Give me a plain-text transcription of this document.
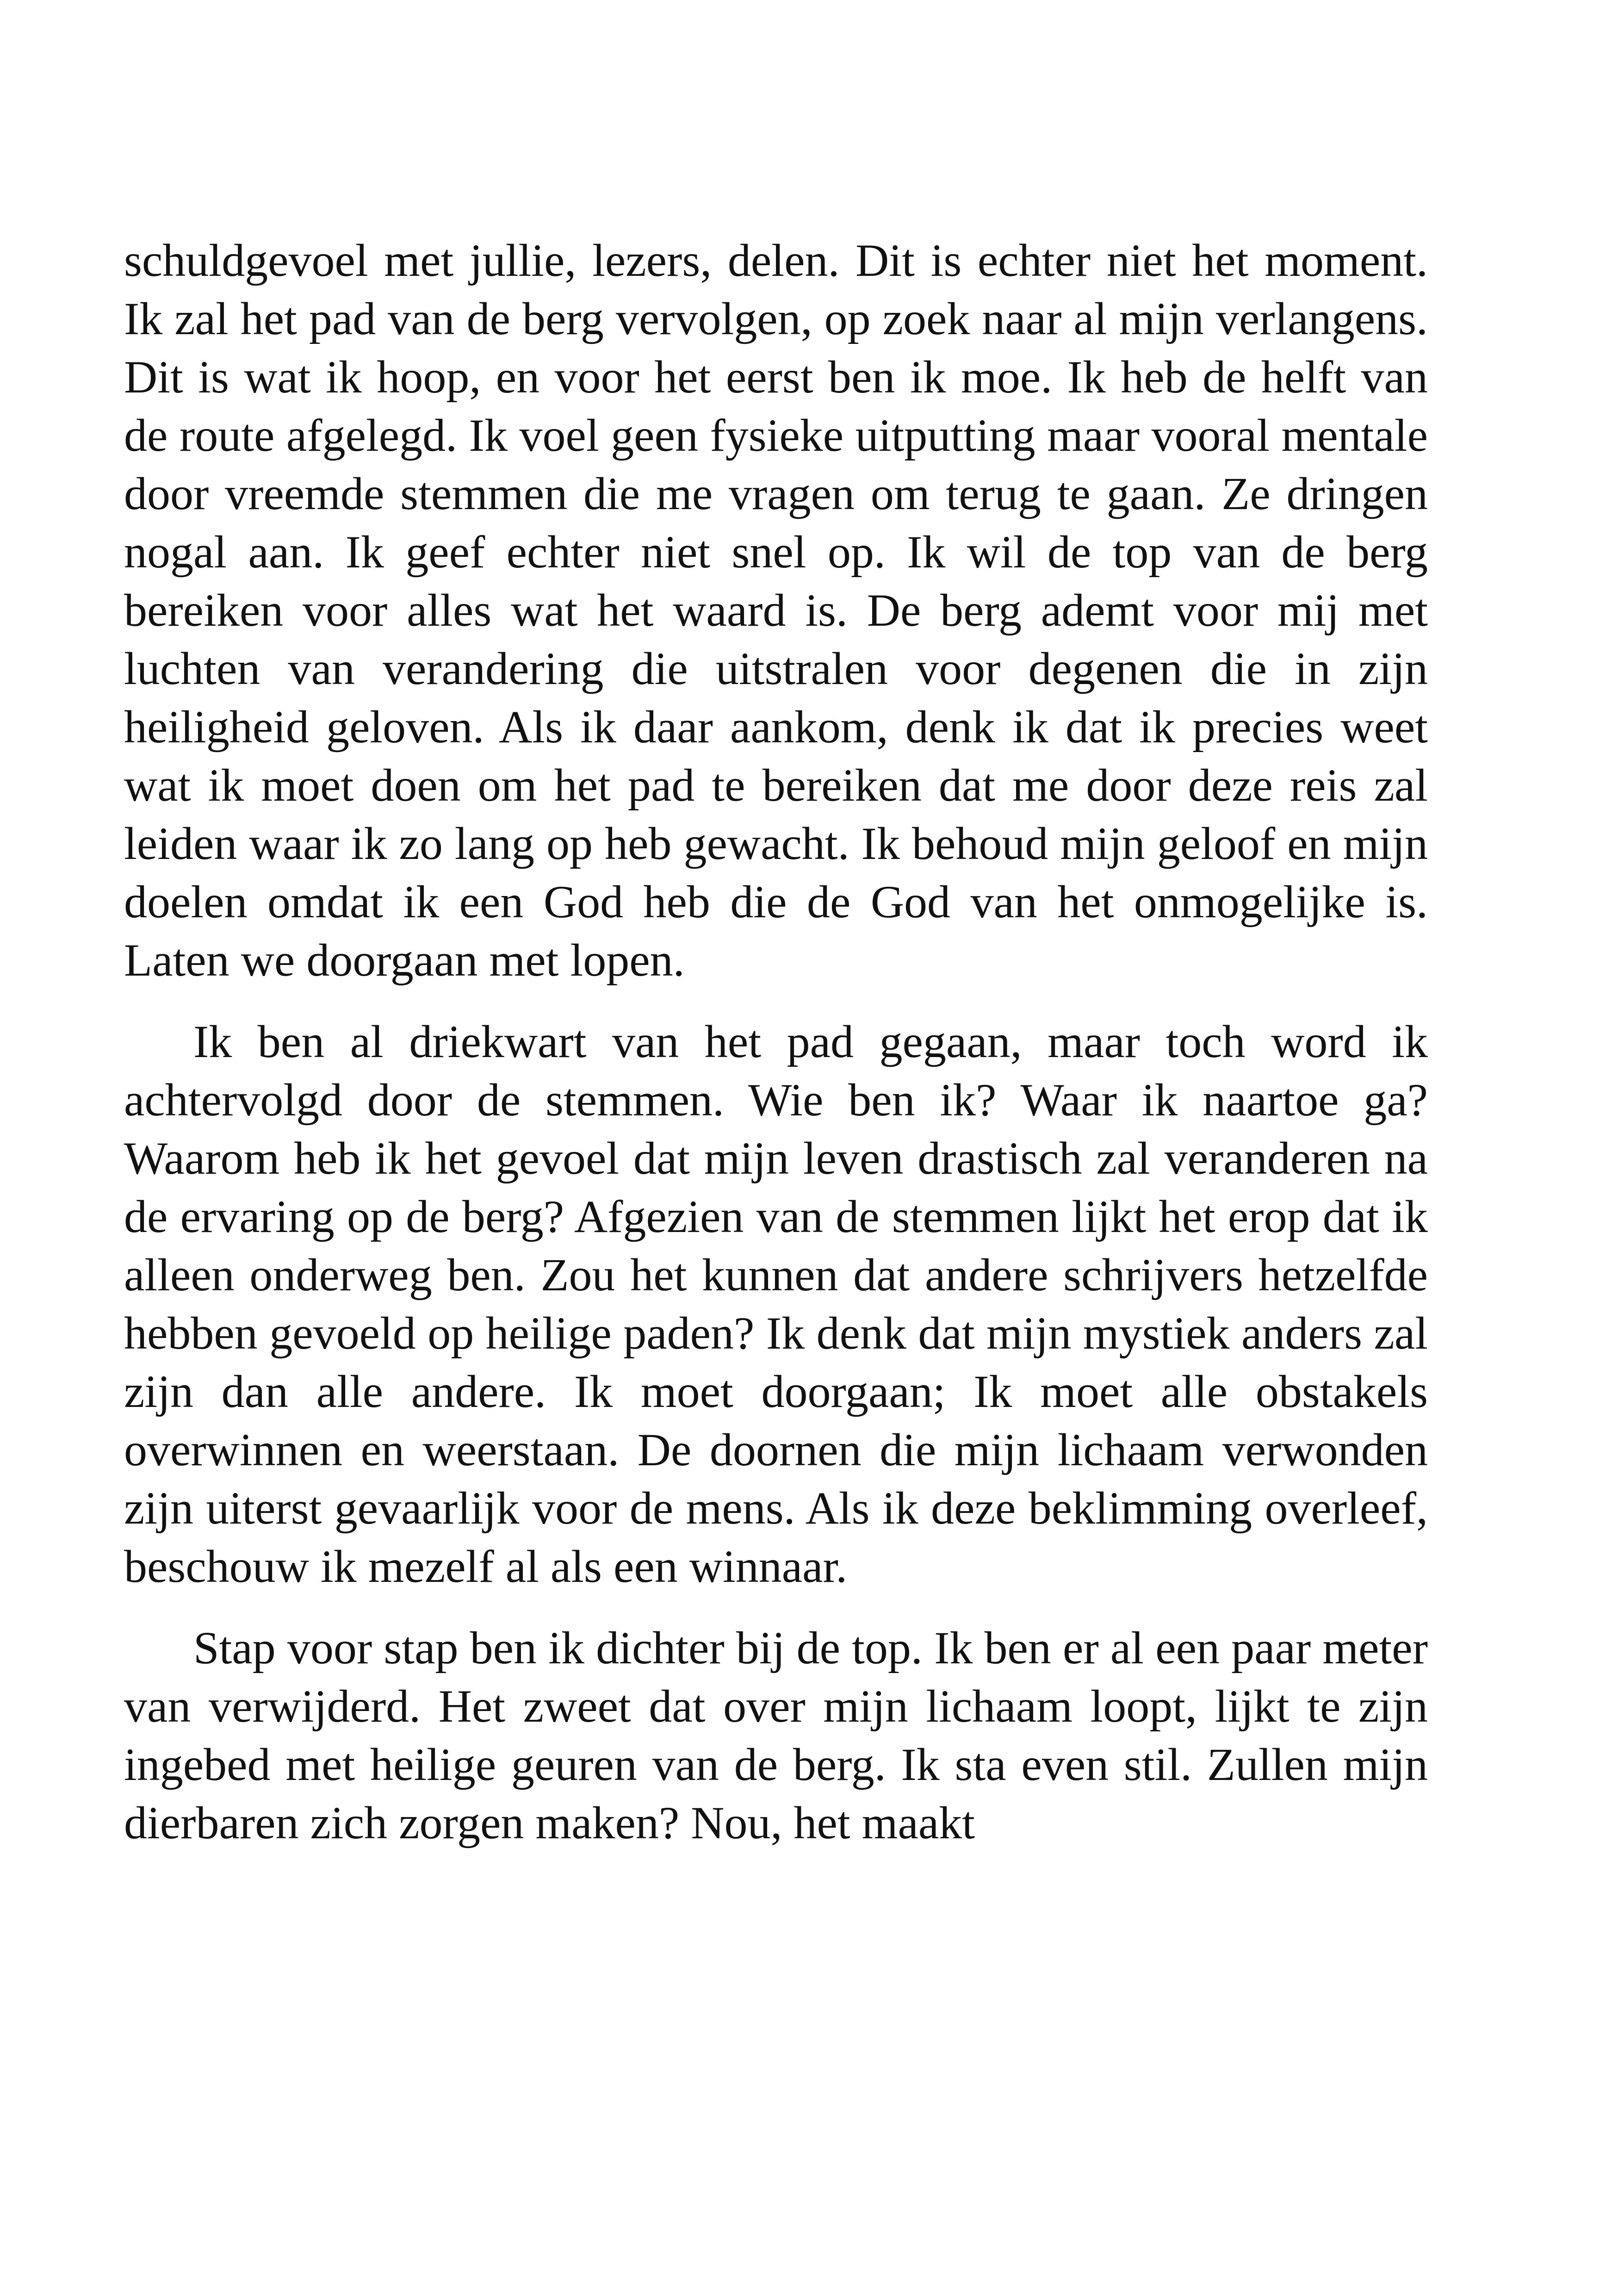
schuldgevoel met jullie, lezers, delen. Dit is echter niet het moment. Ik zal het pad van de berg vervolgen, op zoek naar al mijn verlangens. Dit is wat ik hoop, en voor het eerst ben ik moe. Ik heb de helft van de route afgelegd. Ik voel geen fysieke uitputting maar vooral mentale door vreemde stemmen die me vragen om terug te gaan. Ze dringen nogal aan. Ik geef echter niet snel op. Ik wil de top van de berg bereiken voor alles wat het waard is. De berg ademt voor mij met luchten van verandering die uitstralen voor degenen die in zijn heiligheid geloven. Als ik daar aankom, denk ik dat ik precies weet wat ik moet doen om het pad te bereiken dat me door deze reis zal leiden waar ik zo lang op heb gewacht. Ik behoud mijn geloof en mijn doelen omdat ik een God heb die de God van het onmogelijke is. Laten we doorgaan met lopen.

Ik ben al driekwart van het pad gegaan, maar toch word ik achtervolgd door de stemmen. Wie ben ik? Waar ik naartoe ga? Waarom heb ik het gevoel dat mijn leven drastisch zal veranderen na de ervaring op de berg? Afgezien van de stemmen lijkt het erop dat ik alleen onderweg ben. Zou het kunnen dat andere schrijvers hetzelfde hebben gevoeld op heilige paden? Ik denk dat mijn mystiek anders zal zijn dan alle andere. Ik moet doorgaan; Ik moet alle obstakels overwinnen en weerstaan. De doornen die mijn lichaam verwonden zijn uiterst gevaarlijk voor de mens. Als ik deze beklimming overleef, beschouw ik mezelf al als een winnaar.

Stap voor stap ben ik dichter bij de top. Ik ben er al een paar meter van verwijderd. Het zweet dat over mijn lichaam loopt, lijkt te zijn ingebed met heilige geuren van de berg. Ik sta even stil. Zullen mijn dierbaren zich zorgen maken? Nou, het maakt
